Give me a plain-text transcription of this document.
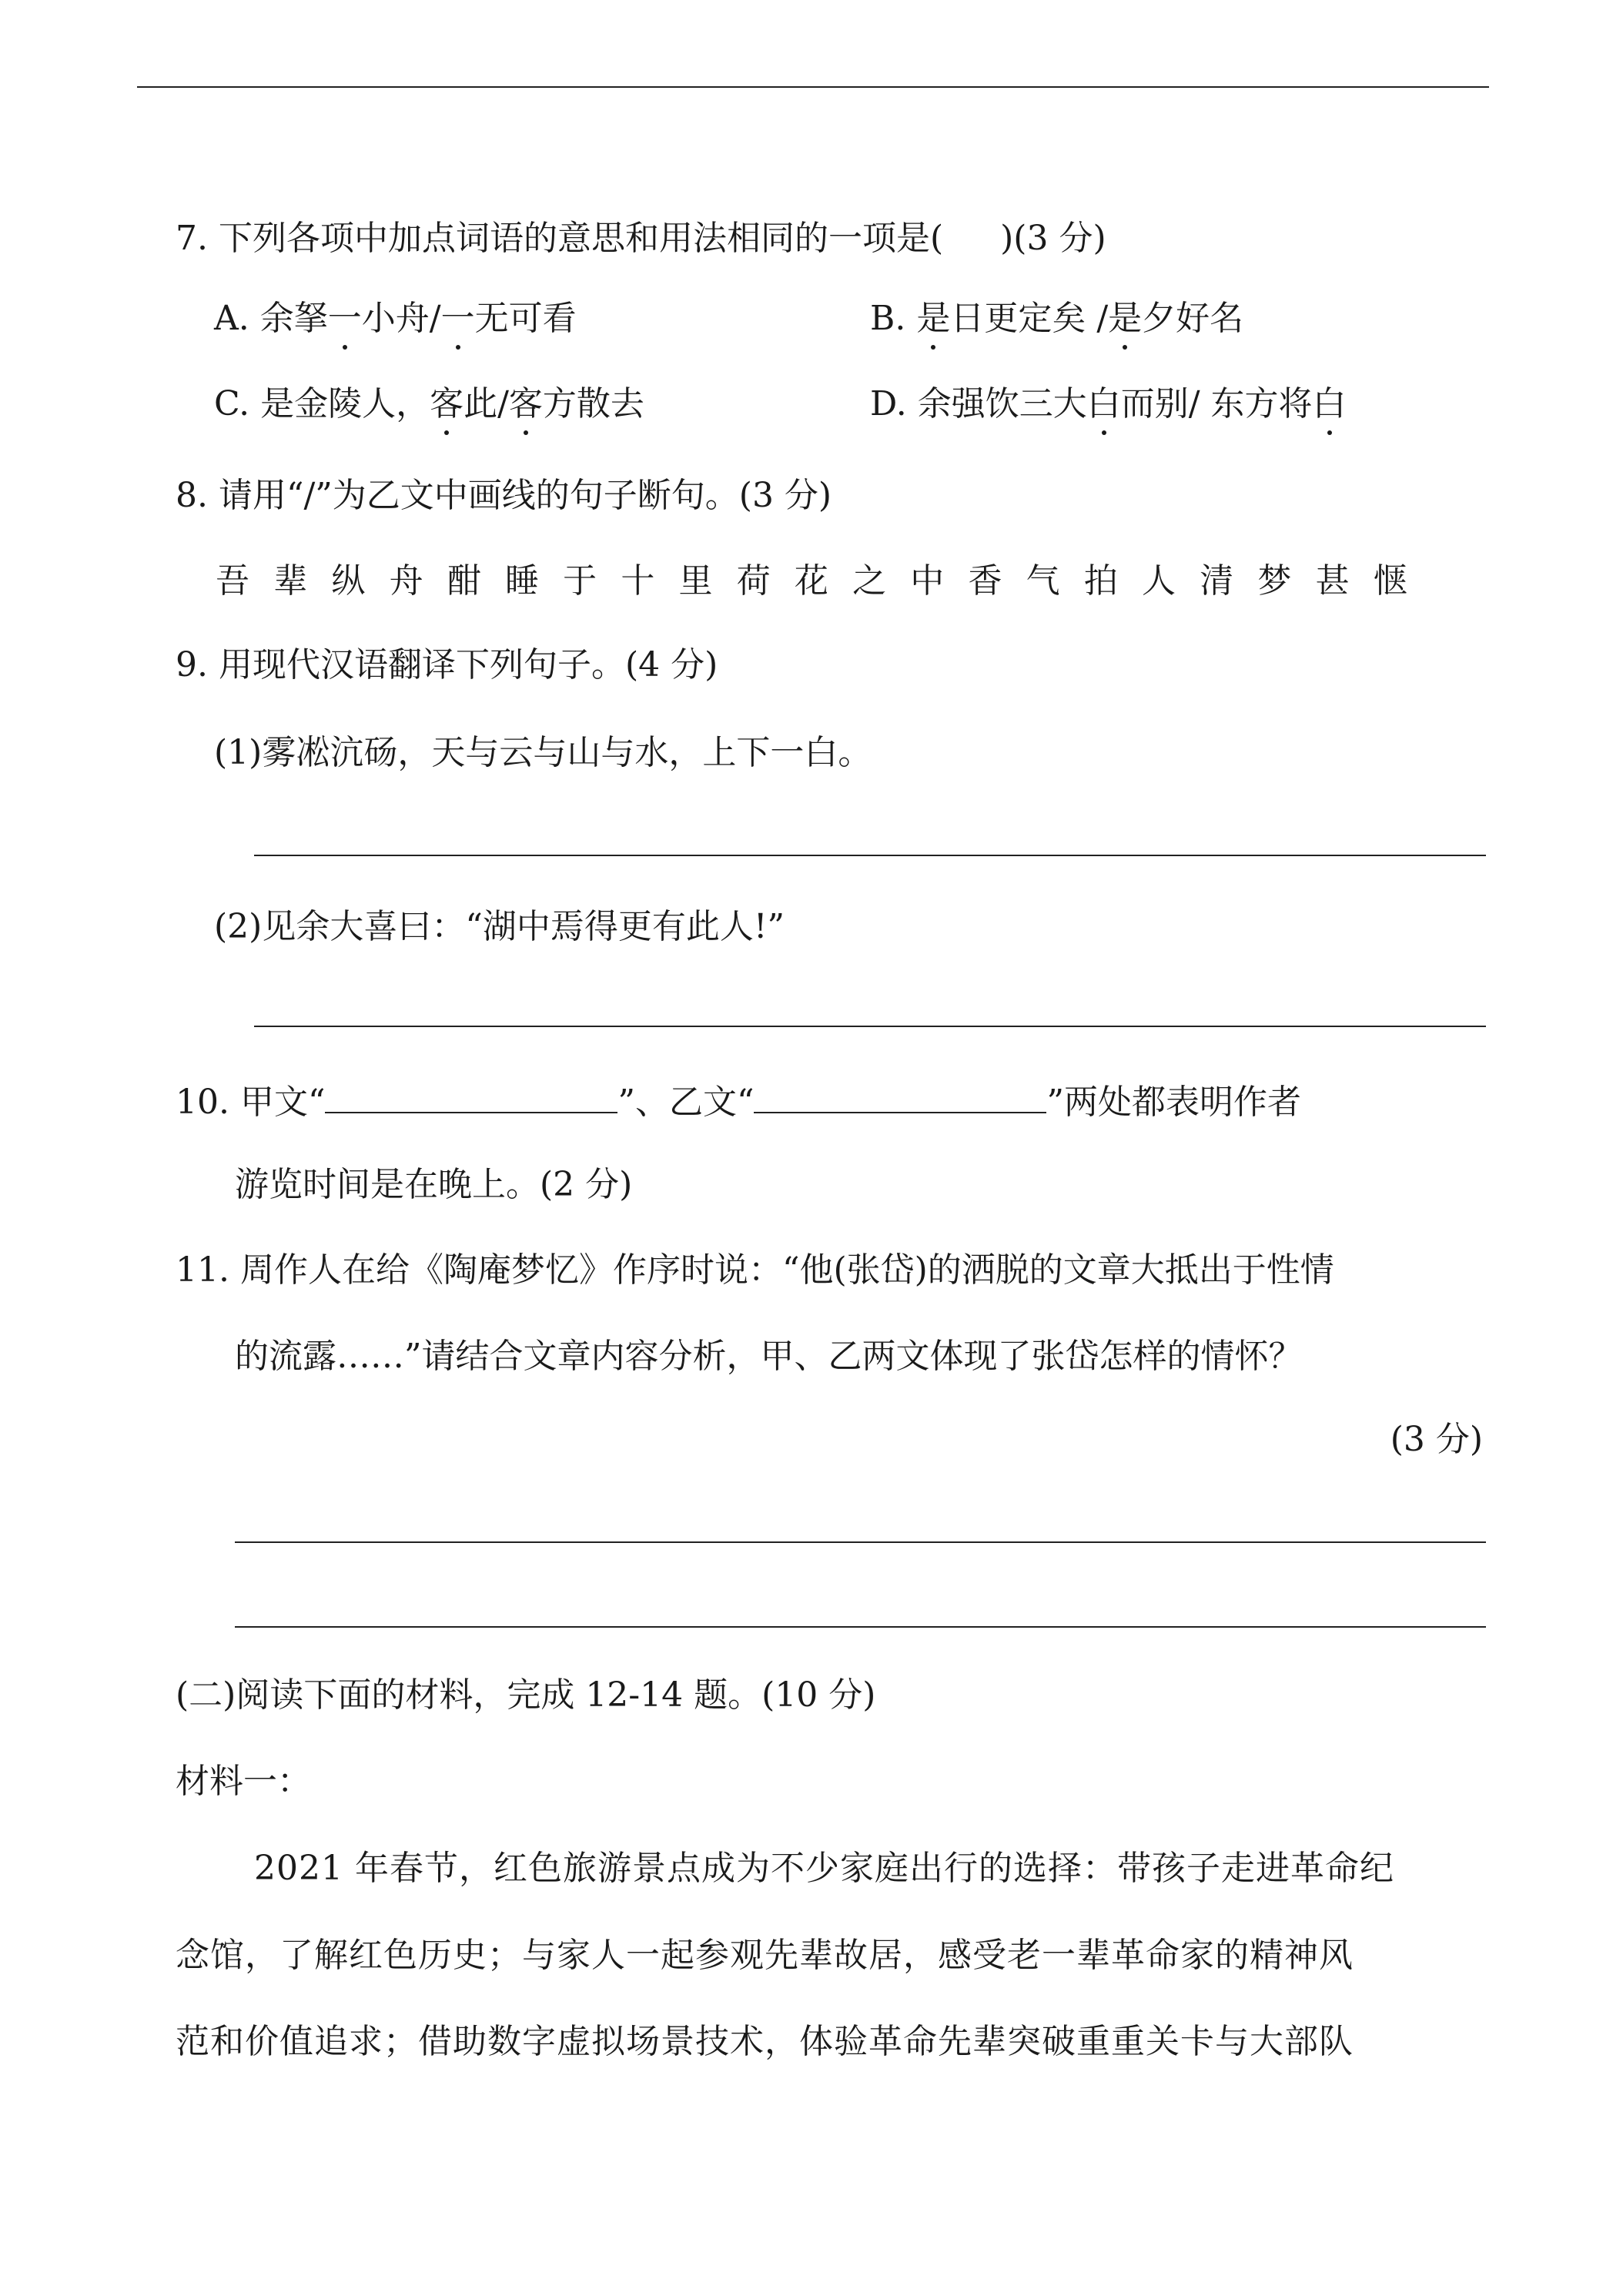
7. 下列各项中加点词语的意思和用法相同的一项是( )(3 分)
A. 余拏一小舟/一无可看	B. 是日更定矣 /是夕好名
C. 是金陵人，客此/客方散去	D. 余强饮三大白而别/ 东方将白
8. 请用“/”为乙文中画线的句子断句。(3 分)
吾 辈 纵 舟 酣 睡 于 十 里 荷 花 之 中 香 气 拍 人 清 梦 甚 惬
9. 用现代汉语翻译下列句子。(4 分)
(1)雾凇沆砀，天与云与山与水，上下一白。
(2)见余大喜曰：“湖中焉得更有此人!”
10. 甲文“	”、乙文“	”两处都表明作者
游览时间是在晚上。(2 分)
11. 周作人在给《陶庵梦忆》作序时说：“他(张岱)的洒脱的文章大抵出于性情
的流露……”请结合文章内容分析，甲、乙两文体现了张岱怎样的情怀？
(3 分)
(二)阅读下面的材料，完成 12-14 题。(10 分)
材料一：
2021 年春节，红色旅游景点成为不少家庭出行的选择：带孩子走进革命纪
念馆，了解红色历史；与家人一起参观先辈故居，感受老一辈革命家的精神风
范和价值追求；借助数字虚拟场景技术，体验革命先辈突破重重关卡与大部队
